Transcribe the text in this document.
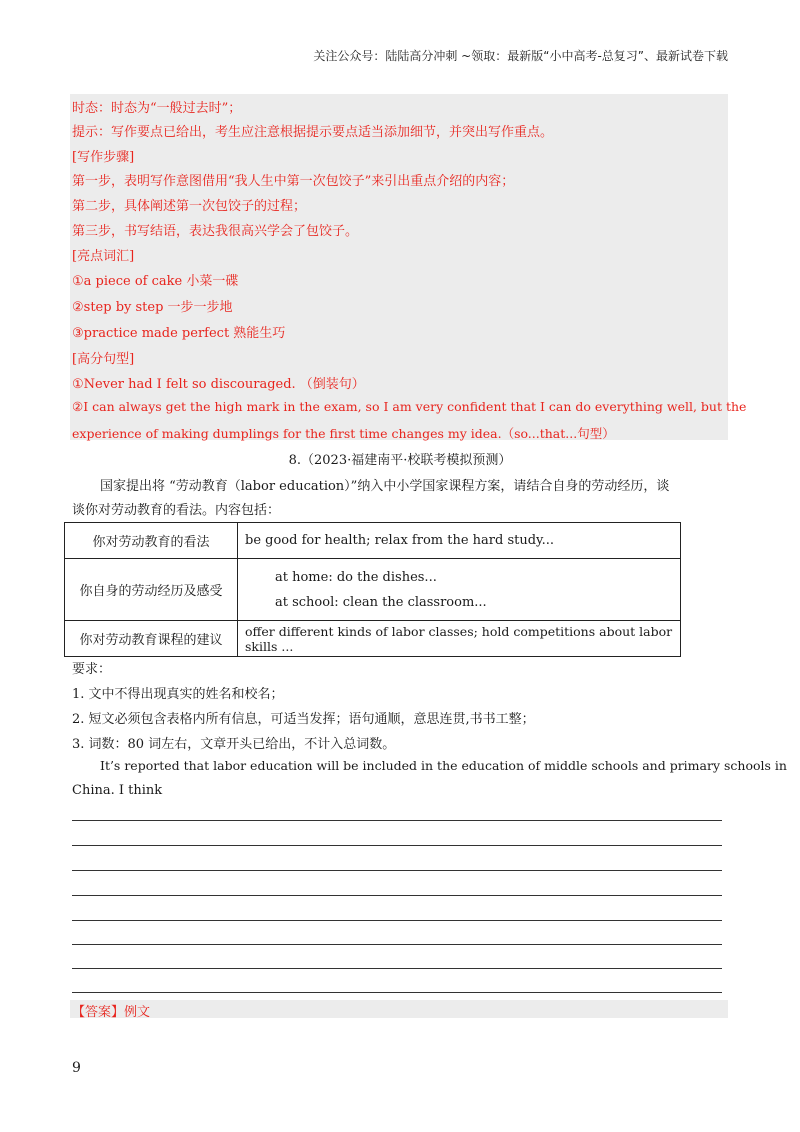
关注公众号：陆陆高分冲刺 ~领取：最新版“小中高考-总复习”、最新试卷下载
时态：时态为“一般过去时”；
提示：写作要点已给出，考生应注意根据提示要点适当添加细节，并突出写作重点。
[写作步骤]
第一步，表明写作意图借用“我人生中第一次包饺子”来引出重点介绍的内容；
第二步，具体阐述第一次包饺子的过程；
第三步，书写结语，表达我很高兴学会了包饺子。
[亮点词汇]
①a piece of cake 小菜一碟
②step by step 一步一步地
③practice made perfect 熟能生巧
[高分句型]
①Never had I felt so discouraged. （倒装句）
②I can always get the high mark in the exam, so I am very confident that I can do everything well, but the
experience of making dumplings for the first time changes my idea.（so...that...句型）
8.（2023·福建南平·校联考模拟预测）
国家提出将 “劳动教育（labor education）”纳入中小学国家课程方案，请结合自身的劳动经历，谈
谈你对劳动教育的看法。内容包括：
你对劳动教育的看法	be good for health; relax from the hard study...
你自身的劳动经历及感受	at home: do the dishes...
at school: clean the classroom...

你对劳动教育课程的建议	offer different kinds of labor classes; hold competitions about labor skills ...
要求：
1. 文中不得出现真实的姓名和校名；
2. 短文必须包含表格内所有信息，可适当发挥；语句通顺，意思连贯,书书工整；
3. 词数：80 词左右，文章开头已给出，不计入总词数。
It’s reported that labor education will be included in the education of middle schools and primary schools in
China. I think
【答案】例文
9
